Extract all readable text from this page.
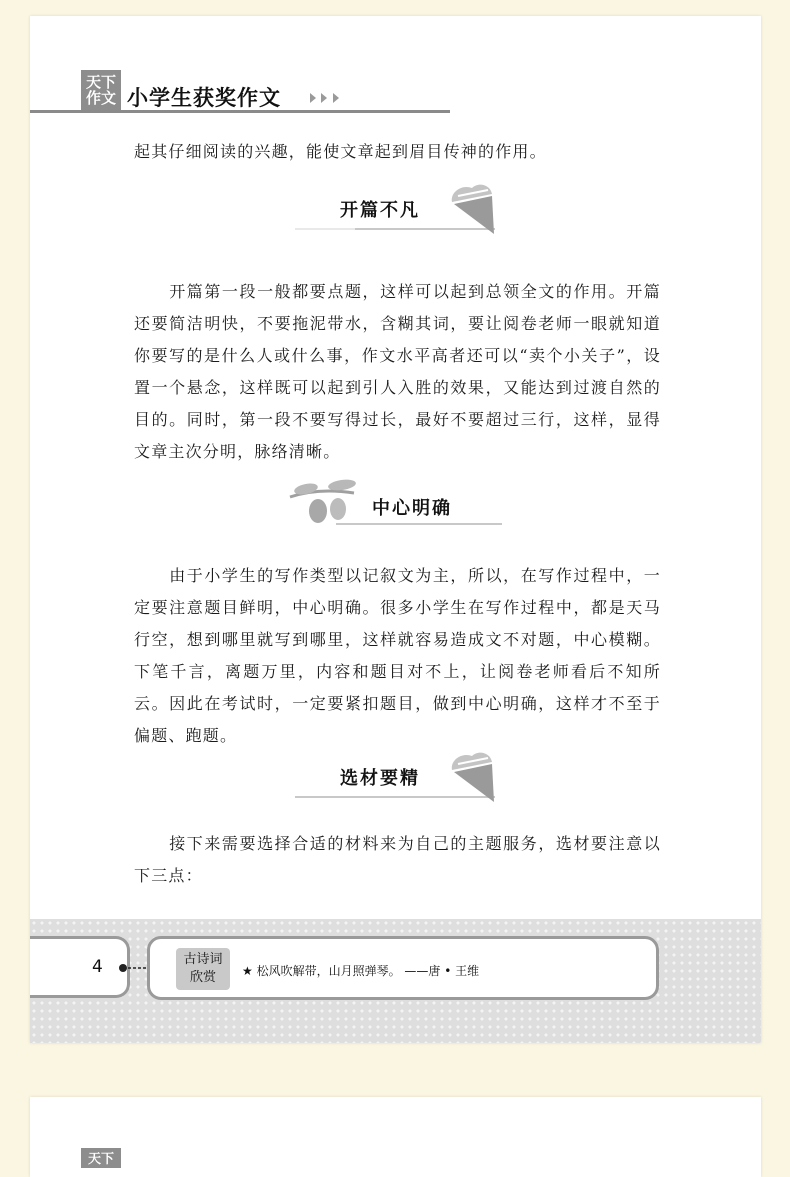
天下
作文 小学生获奖作文
起其仔细阅读的兴趣，能使文章起到眉目传神的作用。
开篇不凡
开篇第一段一般都要点题，这样可以起到总领全文的作用。开篇还要简洁明快，不要拖泥带水，含糊其词，要让阅卷老师一眼就知道你要写的是什么人或什么事，作文水平高者还可以“卖个小关子”，设置一个悬念，这样既可以起到引人入胜的效果，又能达到过渡自然的目的。同时，第一段不要写得过长，最好不要超过三行，这样，显得文章主次分明，脉络清晰。
中心明确
由于小学生的写作类型以记叙文为主，所以，在写作过程中，一定要注意题目鲜明，中心明确。很多小学生在写作过程中，都是天马行空，想到哪里就写到哪里，这样就容易造成文不对题，中心模糊。下笔千言，离题万里，内容和题目对不上，让阅卷老师看后不知所云。因此在考试时，一定要紧扣题目，做到中心明确，这样才不至于偏题、跑题。
选材要精
接下来需要选择合适的材料来为自己的主题服务，选材要注意以下三点：
4	古诗词
欣赏	★ 松风吹解带，山月照弹琴。 ——唐 • 王维
天下
